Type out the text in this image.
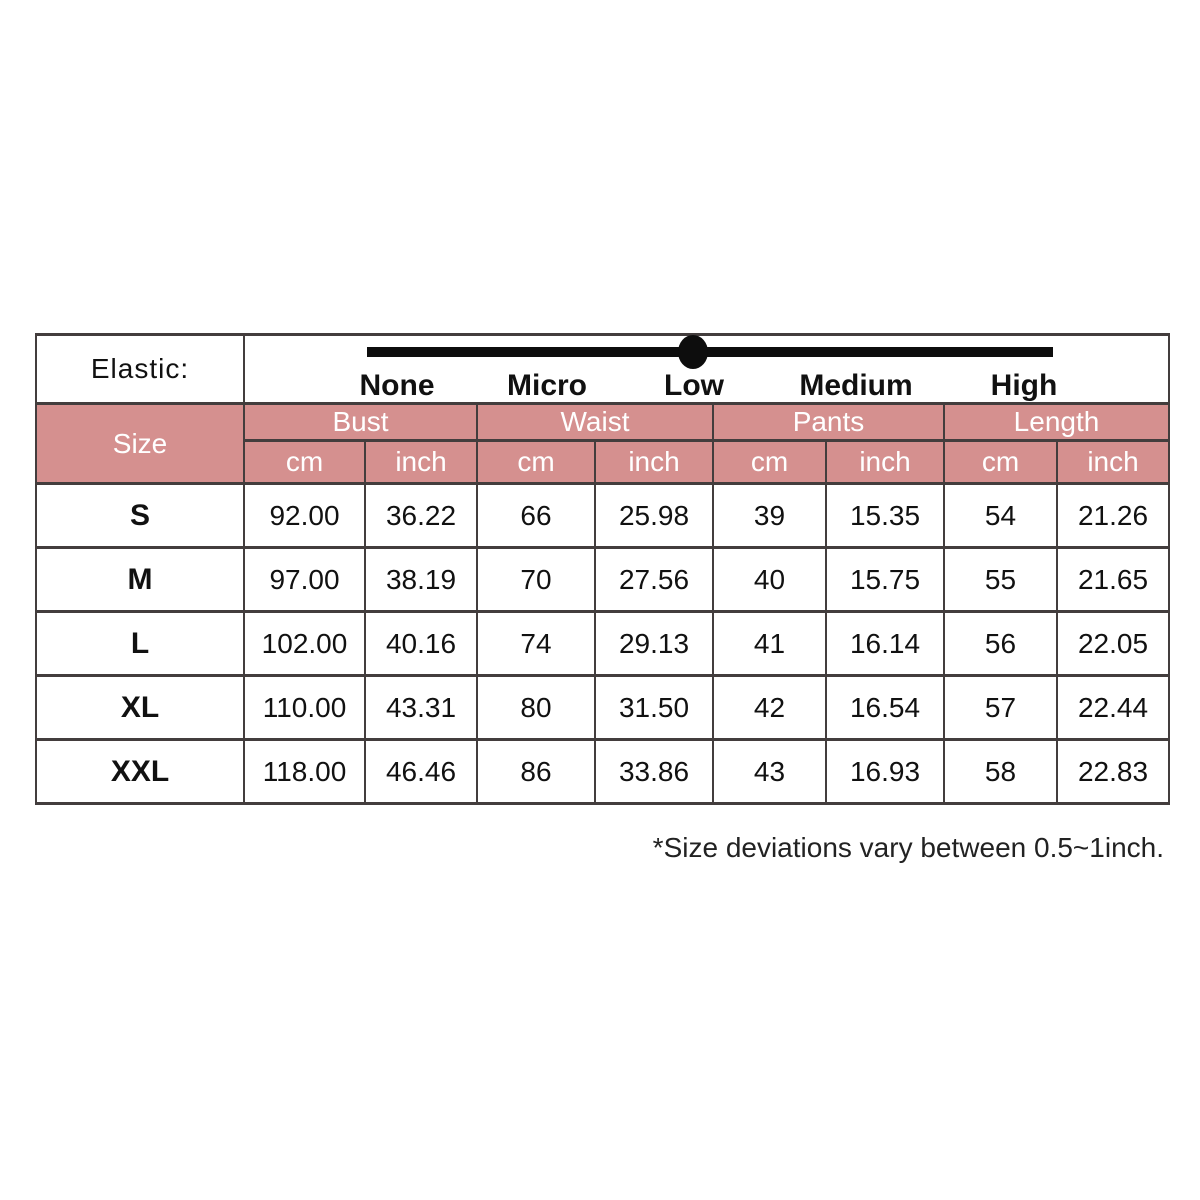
Elastic:	None Micro Low Medium High							

Size	Bust		Waist		Pants		Length	
	cm	inch	cm	inch	cm	inch	cm	inch
S	92.00	36.22	66	25.98	39	15.35	54	21.26
M	97.00	38.19	70	27.56	40	15.75	55	21.65
L	102.00	40.16	74	29.13	41	16.14	56	22.05
XL	110.00	43.31	80	31.50	42	16.54	57	22.44
XXL	118.00	46.46	86	33.86	43	16.93	58	22.83
*Size deviations vary between 0.5~1inch.
